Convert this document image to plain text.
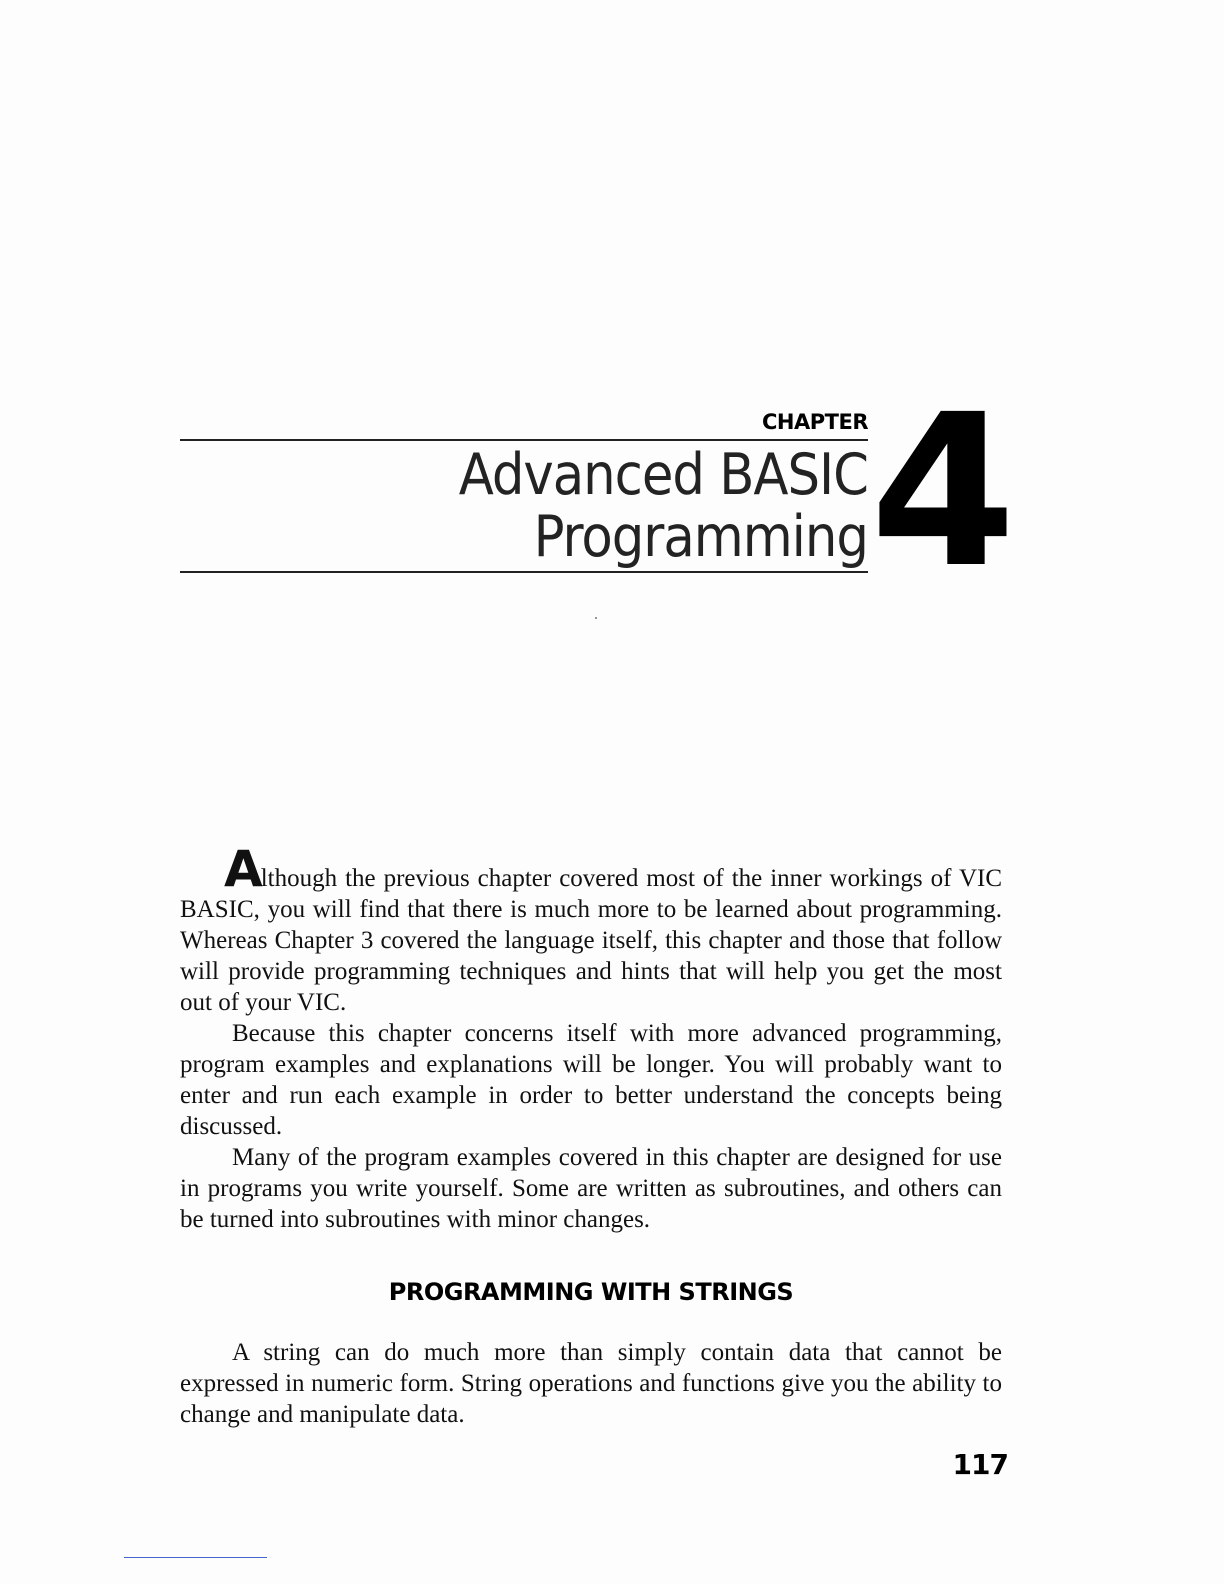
CHAPTER
Advanced BASIC
Programming 4

Although the previous chapter covered most of the inner workings of VIC BASIC, you will find that there is much more to be learned about programming. Whereas Chapter 3 covered the language itself, this chapter and those that follow will provide programming techniques and hints that will help you get the most out of your VIC.

Because this chapter concerns itself with more advanced programming, program examples and explanations will be longer. You will probably want to enter and run each example in order to better understand the concepts being discussed.

Many of the program examples covered in this chapter are designed for use in programs you write yourself. Some are written as subroutines, and others can be turned into subroutines with minor changes.

PROGRAMMING WITH STRINGS

A string can do much more than simply contain data that cannot be expressed in numeric form. String operations and functions give you the ability to change and manipulate data.

117
